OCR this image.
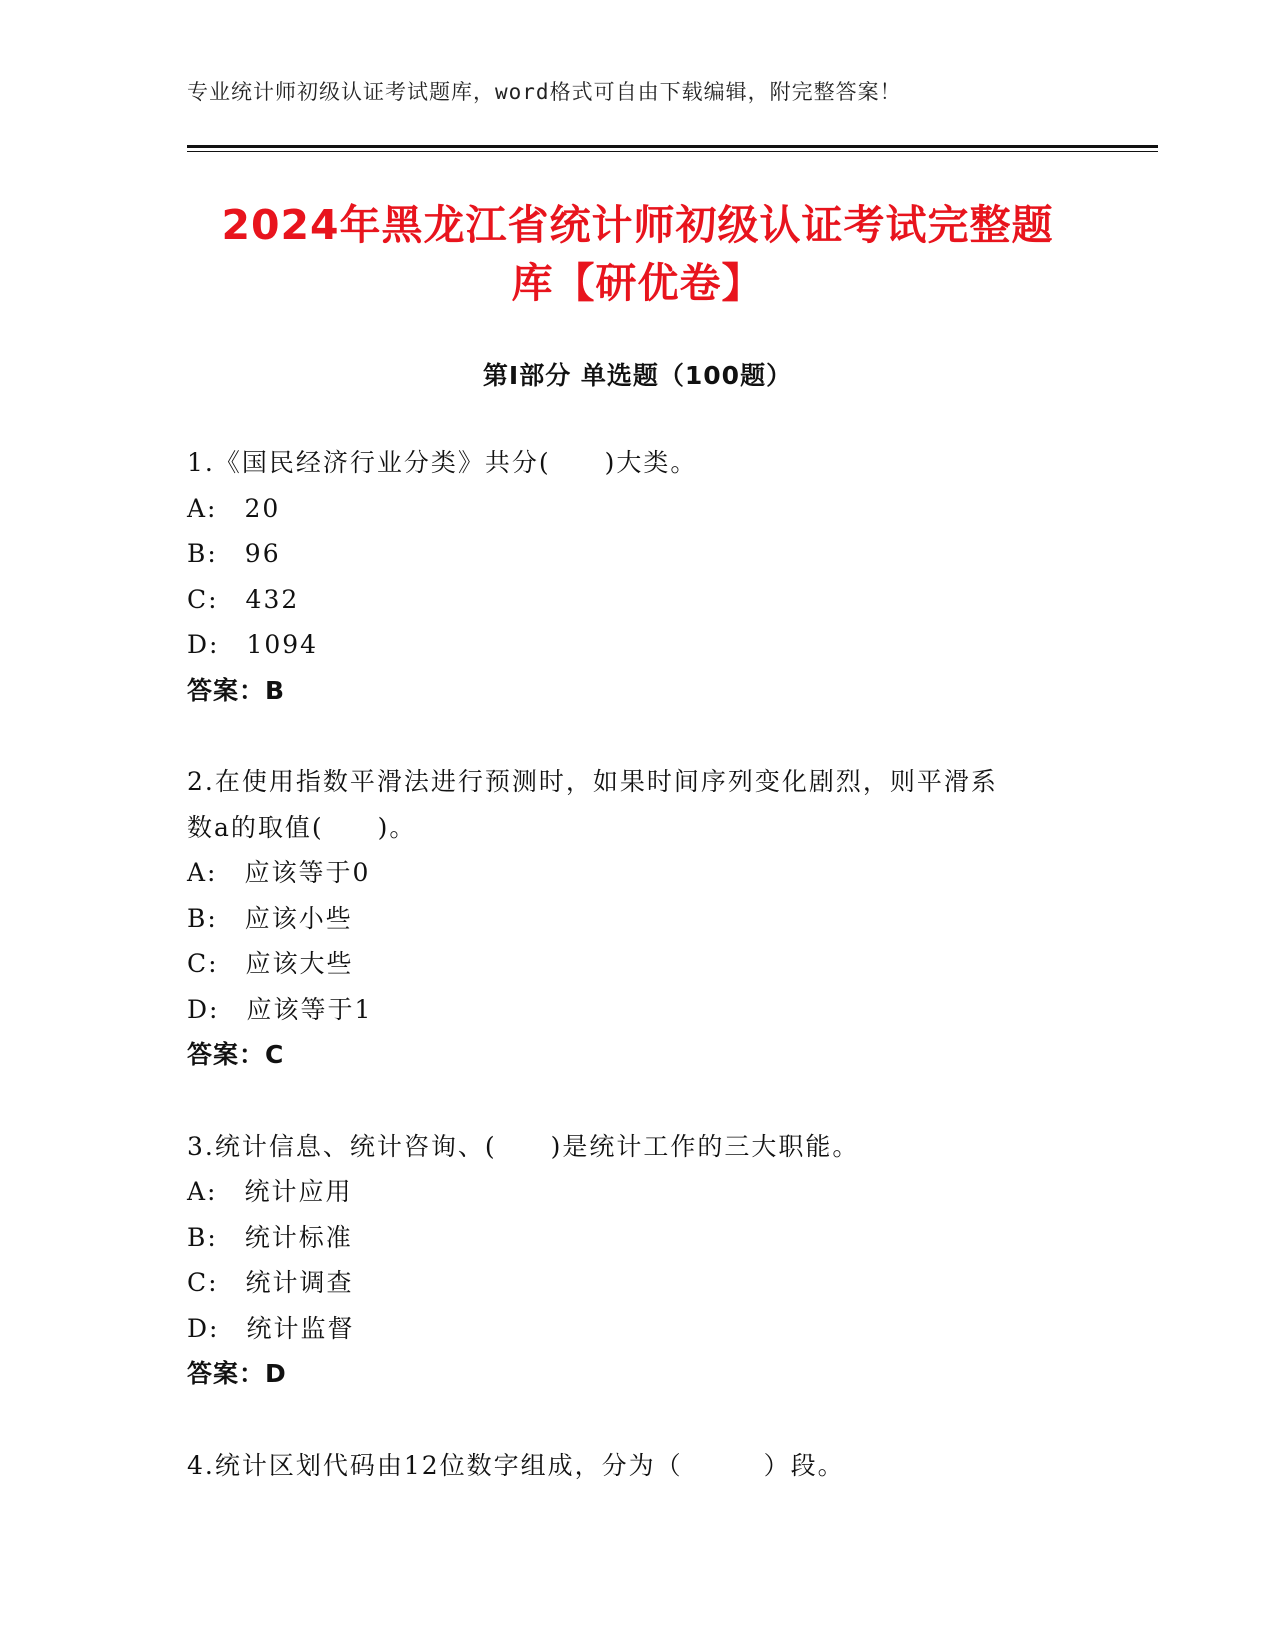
专业统计师初级认证考试题库，word格式可自由下载编辑，附完整答案！
2024年黑龙江省统计师初级认证考试完整题
库【研优卷】
第I部分 单选题（100题）
1.《国民经济行业分类》共分(　　)大类。
A:　20
B:　96
C:　432
D:　1094
答案：B
2.在使用指数平滑法进行预测时，如果时间序列变化剧烈，则平滑系
数a的取值(　　)。
A:　应该等于0
B:　应该小些
C:　应该大些
D:　应该等于1
答案：C
3.统计信息、统计咨询、(　　)是统计工作的三大职能。
A:　统计应用
B:　统计标准
C:　统计调查
D:　统计监督
答案：D
4.统计区划代码由12位数字组成，分为（　　　）段。
